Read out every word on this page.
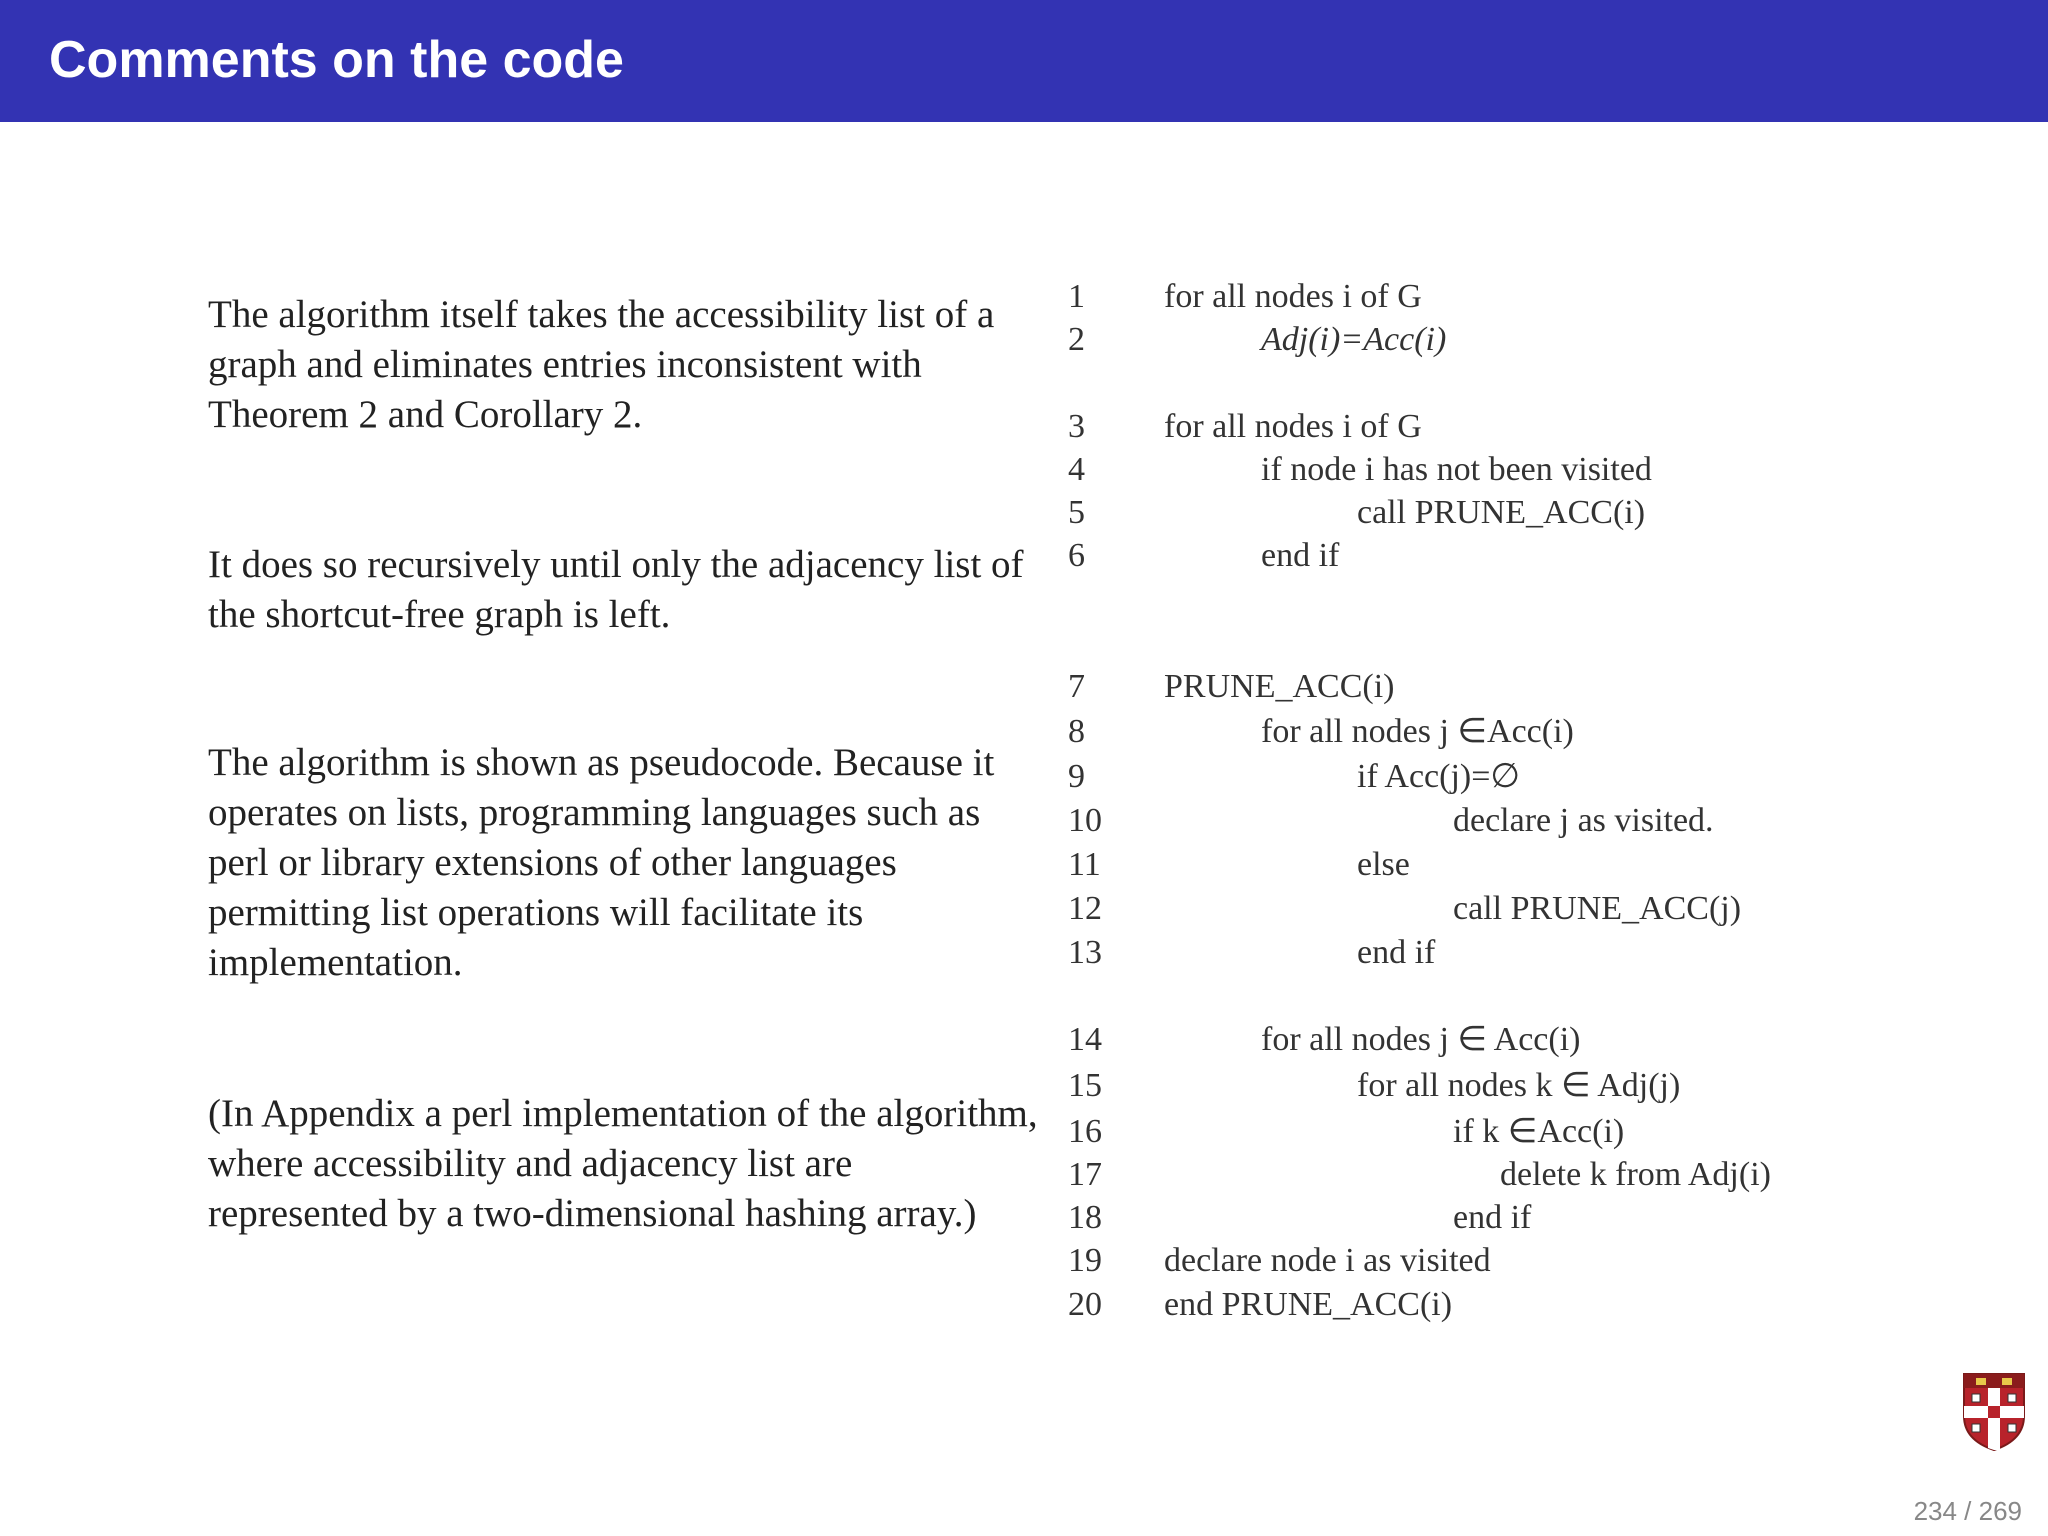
Comments on the code
The algorithm itself takes the accessibility list of a graph and eliminates entries inconsistent with Theorem 2 and Corollary 2.
It does so recursively until only the adjacency list of the shortcut-free graph is left.
The algorithm is shown as pseudocode. Because it operates on lists, programming languages such as perl or library extensions of other languages permitting list operations will facilitate its implementation.
(In Appendix a perl implementation of the algorithm, where accessibility and adjacency list are represented by a two-dimensional hashing array.)
1 for all nodes i of G
2	Adj(i)=Acc(i)
3 for all nodes i of G
4	if node i has not been visited
5	call PRUNE_ACC(i)
6	end if
7 PRUNE_ACC(i)
8	for all nodes j ∈Acc(i)
9	if Acc(j)=∅
10	declare j as visited.
11	else
12	call PRUNE_ACC(j)
13	end if
14	for all nodes j ∈ Acc(i)
15	for all nodes k ∈ Adj(j)
16	if k ∈Acc(i)
17	delete k from Adj(i)
18	end if
19 declare node i as visited
20 end PRUNE_ACC(i)
234 / 269
